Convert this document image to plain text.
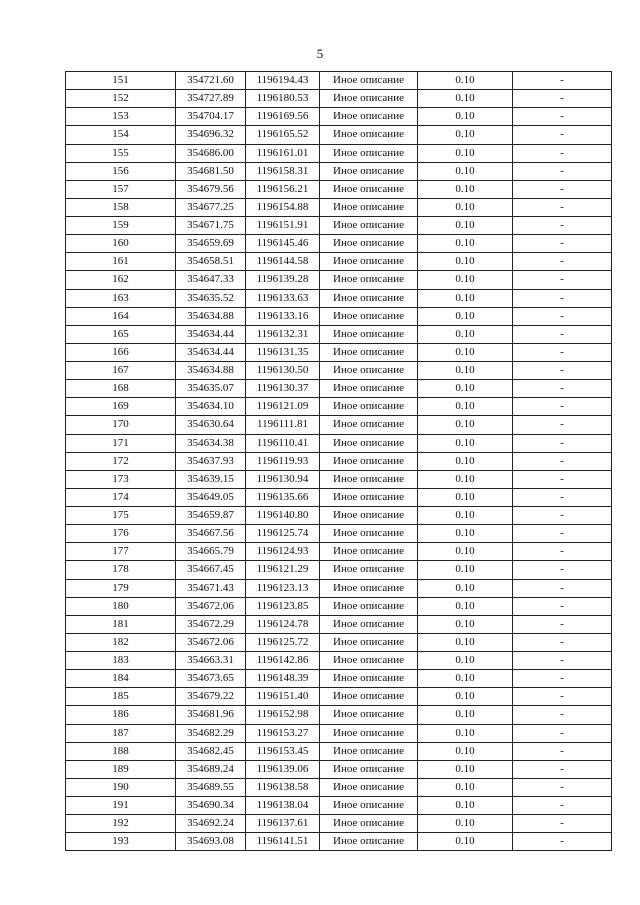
5
151	354721.60	1196194.43	Иное описание	0.10	-
152	354727.89	1196180.53	Иное описание	0.10	-
153	354704.17	1196169.56	Иное описание	0.10	-
154	354696.32	1196165.52	Иное описание	0.10	-
155	354686.00	1196161.01	Иное описание	0.10	-
156	354681.50	1196158.31	Иное описание	0.10	-
157	354679.56	1196156.21	Иное описание	0.10	-
158	354677.25	1196154.88	Иное описание	0.10	-
159	354671.75	1196151.91	Иное описание	0.10	-
160	354659.69	1196145.46	Иное описание	0.10	-
161	354658.51	1196144.58	Иное описание	0.10	-
162	354647.33	1196139.28	Иное описание	0.10	-
163	354635.52	1196133.63	Иное описание	0.10	-
164	354634.88	1196133.16	Иное описание	0.10	-
165	354634.44	1196132.31	Иное описание	0.10	-
166	354634.44	1196131.35	Иное описание	0.10	-
167	354634.88	1196130.50	Иное описание	0.10	-
168	354635.07	1196130.37	Иное описание	0.10	-
169	354634.10	1196121.09	Иное описание	0.10	-
170	354630.64	1196111.81	Иное описание	0.10	-
171	354634.38	1196110.41	Иное описание	0.10	-
172	354637.93	1196119.93	Иное описание	0.10	-
173	354639.15	1196130.94	Иное описание	0.10	-
174	354649.05	1196135.66	Иное описание	0.10	-
175	354659.87	1196140.80	Иное описание	0.10	-
176	354667.56	1196125.74	Иное описание	0.10	-
177	354665.79	1196124.93	Иное описание	0.10	-
178	354667.45	1196121.29	Иное описание	0.10	-
179	354671.43	1196123.13	Иное описание	0.10	-
180	354672.06	1196123.85	Иное описание	0.10	-
181	354672.29	1196124.78	Иное описание	0.10	-
182	354672.06	1196125.72	Иное описание	0.10	-
183	354663.31	1196142.86	Иное описание	0.10	-
184	354673.65	1196148.39	Иное описание	0.10	-
185	354679.22	1196151.40	Иное описание	0.10	-
186	354681.96	1196152.98	Иное описание	0.10	-
187	354682.29	1196153.27	Иное описание	0.10	-
188	354682.45	1196153.45	Иное описание	0.10	-
189	354689.24	1196139.06	Иное описание	0.10	-
190	354689.55	1196138.58	Иное описание	0.10	-
191	354690.34	1196138.04	Иное описание	0.10	-
192	354692.24	1196137.61	Иное описание	0.10	-
193	354693.08	1196141.51	Иное описание	0.10	-
